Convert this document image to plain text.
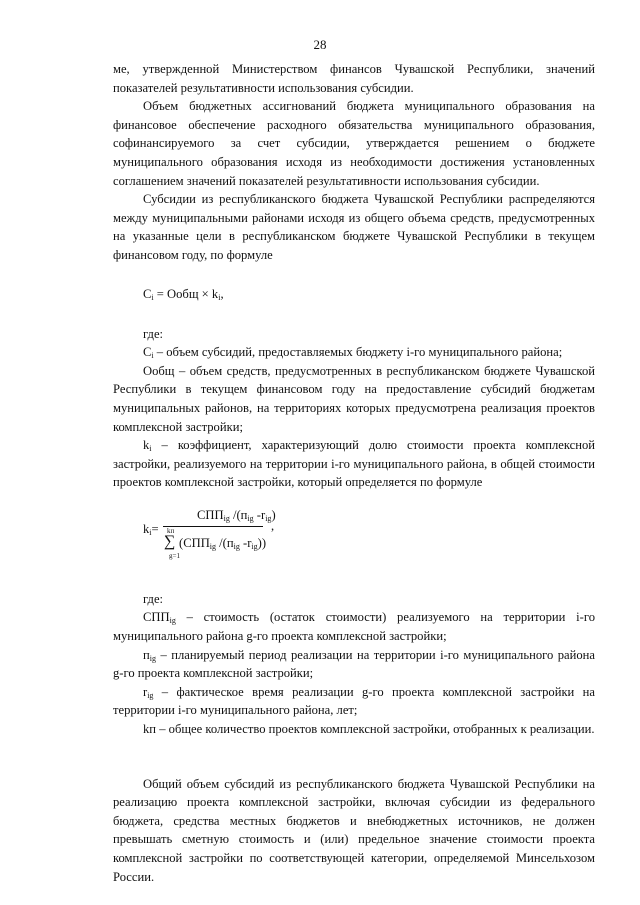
28

ме, утвержденной Министерством финансов Чувашской Республики, значений показателей результативности использования субсидии.

Объем бюджетных ассигнований бюджета муниципального образования на финансовое обеспечение расходного обязательства муниципального образования, софинансируемого за счет субсидии, утверждается решением о бюджете муниципального образования исходя из необходимости достижения установленных соглашением значений показателей результативности использования субсидии.

Субсидии из республиканского бюджета Чувашской Республики распределяются между муниципальными районами исходя из общего объема средств, предусмотренных на указанные цели в республиканском бюджете Чувашской Республики в текущем финансовом году, по формуле

$C_i$ = Ообщ × $k_i$,

где:

$C_i$ – объем субсидий, предоставляемых бюджету i-го муниципального района;

Ообщ – объем средств, предусмотренных в республиканском бюджете Чувашской Республики в текущем финансовом году на предоставление субсидий бюджетам муниципальных районов, на территориях которых предусмотрена реализация проектов комплексной застройки;

$k_i$ – коэффициент, характеризующий долю стоимости проекта комплексной застройки, реализуемого на территории i-го муниципального района, в общей стоимости проектов комплексной застройки, который определяется по формуле

$k_i=$
$СПП_{ig}$ $/(п_{ig}$ $-r_{ig}$)
,
kп
∑
g=1
($СПП_{ig}$ $/(п_{ig}$ $-r_{ig}$))

где:

$СПП_{ig}$ – стоимость (остаток стоимости) реализуемого на территории i-го муниципального района g-го проекта комплексной застройки;

$п_{ig}$ – планируемый период реализации на территории i-го муниципального района g-го проекта комплексной застройки;

$r_{ig}$ – фактическое время реализации g-го проекта комплексной застройки на территории i-го муниципального района, лет;

kп – общее количество проектов комплексной застройки, отобранных к реализации.

Общий объем субсидий из республиканского бюджета Чувашской Республики на реализацию проекта комплексной застройки, включая субсидии из федерального бюджета, средства местных бюджетов и внебюджетных источников, не должен превышать сметную стоимость и (или) предельное значение стоимости проекта комплексной застройки по соответствующей категории, определяемой Минсельхозом России.
